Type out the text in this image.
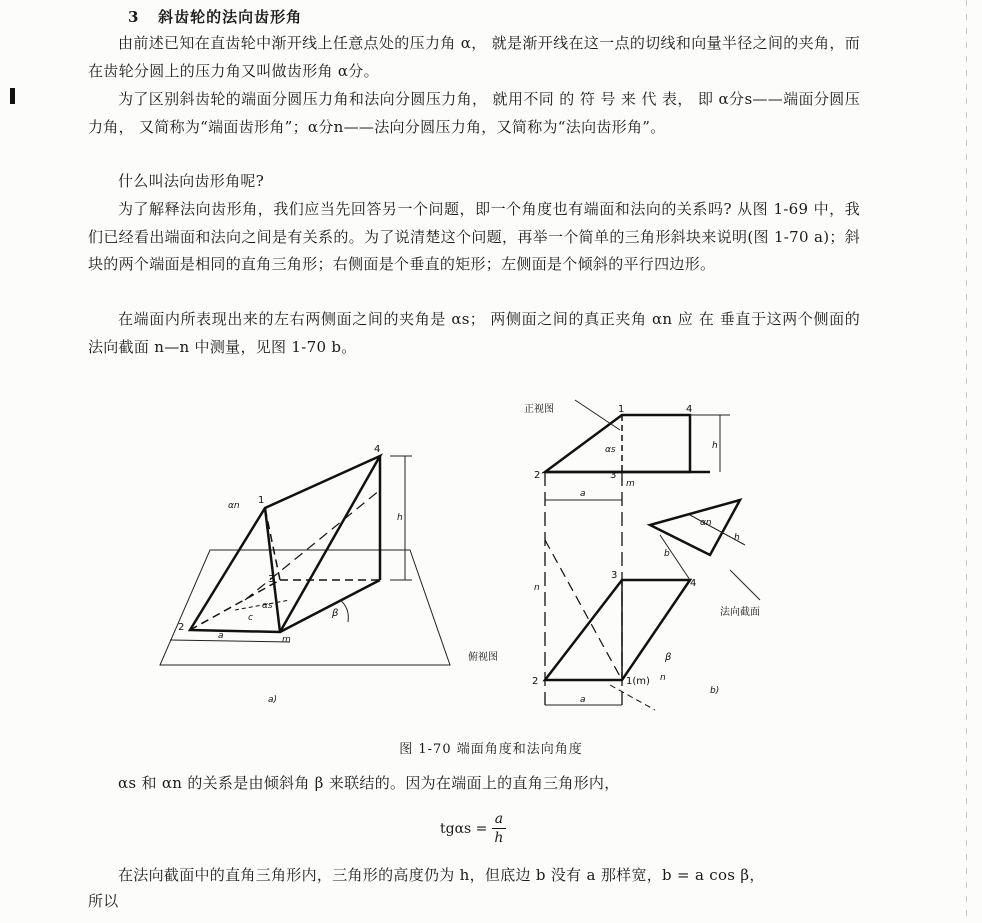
3 斜齿轮的法向齿形角

由前述已知在直齿轮中渐开线上任意点处的压力角 α， 就是渐开线在这一点的切线和向量半径之间的夹角，而在齿轮分圆上的压力角又叫做齿形角 α分。

为了区别斜齿轮的端面分圆压力角和法向分圆压力角， 就用不同 的 符 号 来 代 表， 即 α分s——端面分圆压力角， 又简称为“端面齿形角”；α分n——法向分圆压力角，又简称为“法向齿形角”。

什么叫法向齿形角呢?

为了解释法向齿形角，我们应当先回答另一个问题，即一个角度也有端面和法向的关系吗? 从图 1-69 中，我们已经看出端面和法向之间是有关系的。为了说清楚这个问题，再举一个简单的三角形斜块来说明(图 1-70 a)；斜块的两个端面是相同的直角三角形；右侧面是个垂直的矩形；左侧面是个倾斜的平行四边形。

在端面内所表现出来的左右两侧面之间的夹角是 αs； 两侧面之间的真正夹角 αn 应 在 垂直于这两个侧面的法向截面 n—n 中测量，见图 1-70 b。

αn 1
4
h
3
αs
c	β
2
m
a
a)
正视图	1	4
αs	h
2	3
m
a
αn
h
b
3
4
法向截面
n
β
俯视图
2	1(m) n
a
b)
图 1-70 端面角度和法向角度

αs 和 αn 的关系是由倾斜角 β 来联结的。因为在端面上的直角三角形内，

$tg\alpha s = \frac{a}{h}$

在法向截面中的直角三角形内，三角形的高度仍为 h，但底边 b 没有 a 那样宽，b = a cos β，

所以
